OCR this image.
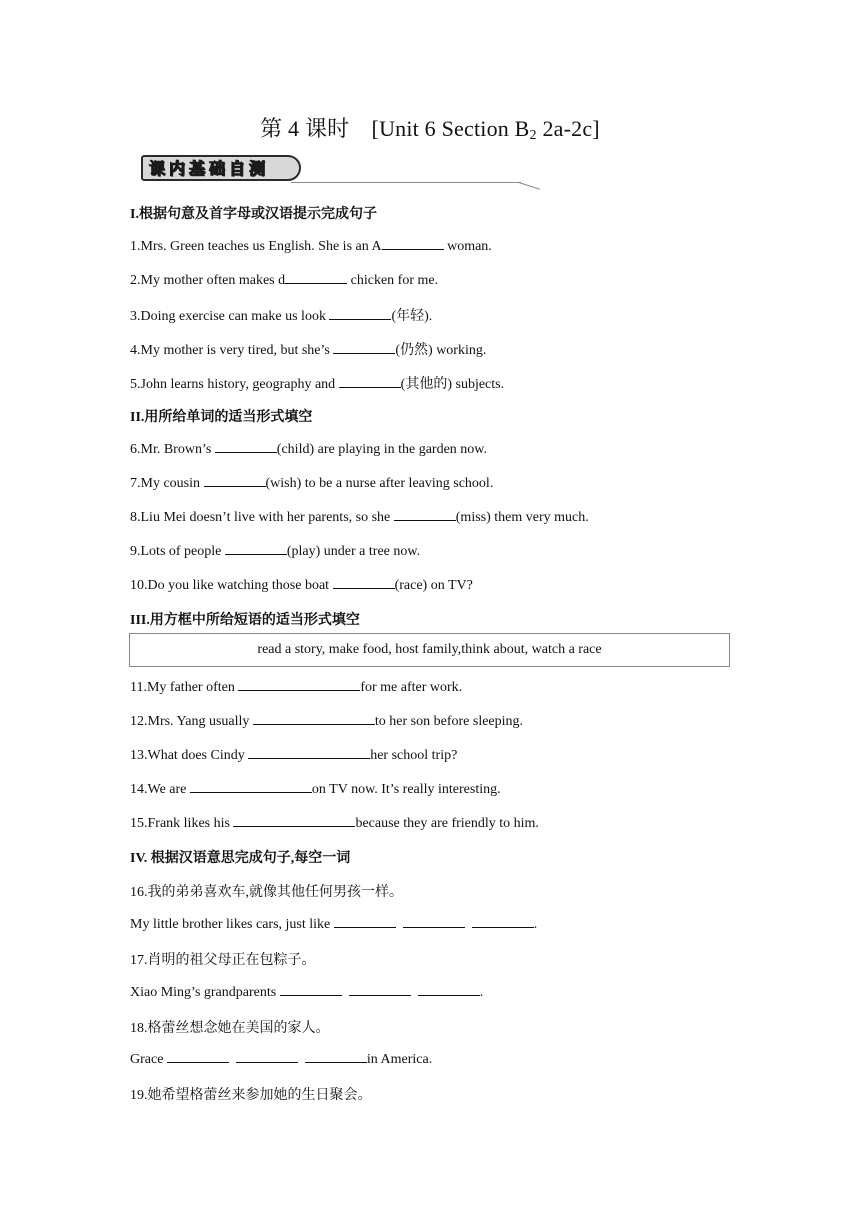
第 4 课时　[Unit 6 Section $B_2$ 2a-2c]
课内基础自测
I.根据句意及首字母或汉语提示完成句子
1.Mrs. Green teaches us English. She is an A	woman.
2.My mother often makes d	chicken for me.
3.Doing exercise can make us look	(年轻).
4.My mother is very tired, but she’s	(仍然) working.
5.John learns history, geography and	(其他的) subjects.
II.用所给单词的适当形式填空
6.Mr. Brown’s	(child) are playing in the garden now.
7.My cousin	(wish) to be a nurse after leaving school.
8.Liu Mei doesn’t live with her parents, so she	(miss) them very much.
9.Lots of people	(play) under a tree now.
10.Do you like watching those boat	(race) on TV?
III.用方框中所给短语的适当形式填空
read a story, make food, host family,think about, watch a race
11.My father often	for me after work.
12.Mrs. Yang usually	to her son before sleeping.
13.What does Cindy	her school trip?
14.We are	on TV now. It’s really interesting.
15.Frank likes his	because they are friendly to him.
IV. 根据汉语意思完成句子,每空一词
16.我的弟弟喜欢车,就像其他任何男孩一样。
My little brother likes cars, just like	.
17.肖明的祖父母正在包粽子。
Xiao Ming’s grandparents	.
18.格蕾丝想念她在美国的家人。
Grace	in America.
19.她希望格蕾丝来参加她的生日聚会。
